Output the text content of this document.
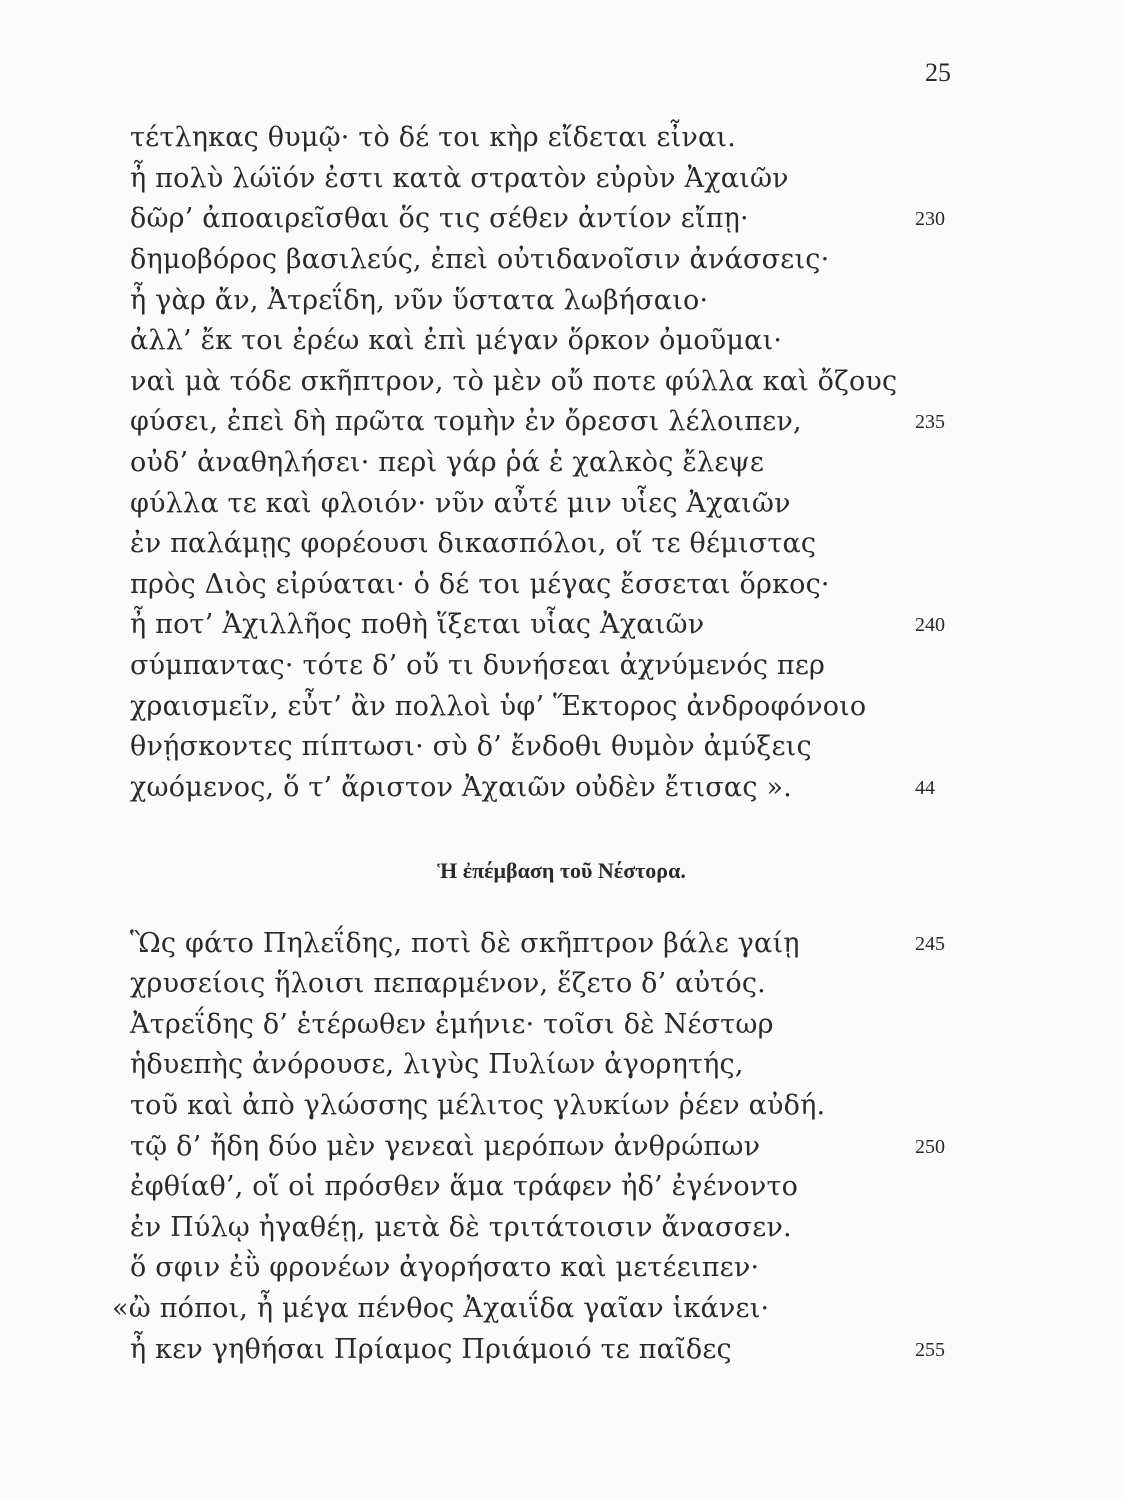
25
τέτληκας θυμῷ· τὸ δέ τοι κὴρ εἴδεται εἶναι.
ἦ πολὺ λώϊόν ἐστι κατὰ στρατὸν εὐρὺν Ἀχαιῶν
δῶρ’ ἀποαιρεῖσθαι ὅς τις σέθεν ἀντίον εἴπῃ·	230
δημοβόρος βασιλεύς, ἐπεὶ οὐτιδανοῖσιν ἀνάσσεις·
ἦ γὰρ ἄν, Ἀτρεΐδη, νῦν ὕστατα λωβήσαιο·
ἀλλ’ ἔκ τοι ἐρέω καὶ ἐπὶ μέγαν ὅρκον ὀμοῦμαι·
ναὶ μὰ τόδε σκῆπτρον, τὸ μὲν οὔ ποτε φύλλα καὶ ὄζους
φύσει, ἐπεὶ δὴ πρῶτα τομὴν ἐν ὄρεσσι λέλοιπεν,	235
οὐδ’ ἀναθηλήσει· περὶ γάρ ῥά ἑ χαλκὸς ἔλεψε
φύλλα τε καὶ φλοιόν· νῦν αὖτέ μιν υἷες Ἀχαιῶν
ἐν παλάμῃς φορέουσι δικασπόλοι, οἵ τε θέμιστας
πρὸς Διὸς εἰρύαται· ὁ δέ τοι μέγας ἔσσεται ὅρκος·
ἦ ποτ’ Ἀχιλλῆος ποθὴ ἵξεται υἷας Ἀχαιῶν	240
σύμπαντας· τότε δ’ οὔ τι δυνήσεαι ἀχνύμενός περ
χραισμεῖν, εὖτ’ ἂν πολλοὶ ὑφ’ Ἕκτορος ἀνδροφόνοιο
θνῄσκοντες πίπτωσι· σὺ δ’ ἔνδοθι θυμὸν ἀμύξεις
χωόμενος, ὅ τ’ ἄριστον Ἀχαιῶν οὐδὲν ἔτισας ».	44
Ἡ ἐπέμβαση τοῦ Νέστορα.
Ὣς φάτο Πηλεΐδης, ποτὶ δὲ σκῆπτρον βάλε γαίῃ	245
χρυσείοις ἥλοισι πεπαρμένον, ἕζετο δ’ αὐτός.
Ἀτρεΐδης δ’ ἑτέρωθεν ἐμήνιε· τοῖσι δὲ Νέστωρ
ἡδυεπὴς ἀνόρουσε, λιγὺς Πυλίων ἀγορητής,
τοῦ καὶ ἀπὸ γλώσσης μέλιτος γλυκίων ῥέεν αὐδή.
τῷ δ’ ἤδη δύο μὲν γενεαὶ μερόπων ἀνθρώπων	250
ἐφθίαθ’, οἵ οἱ πρόσθεν ἅμα τράφεν ἠδ’ ἐγένοντο
ἐν Πύλῳ ἠγαθέῃ, μετὰ δὲ τριτάτοισιν ἄνασσεν.
ὅ σφιν ἐῢ φρονέων ἀγορήσατο καὶ μετέειπεν·
«ὢ πόποι, ἦ μέγα πένθος Ἀχαιΐδα γαῖαν ἱκάνει·
ἦ κεν γηθήσαι Πρίαμος Πριάμοιό τε παῖδες	255
